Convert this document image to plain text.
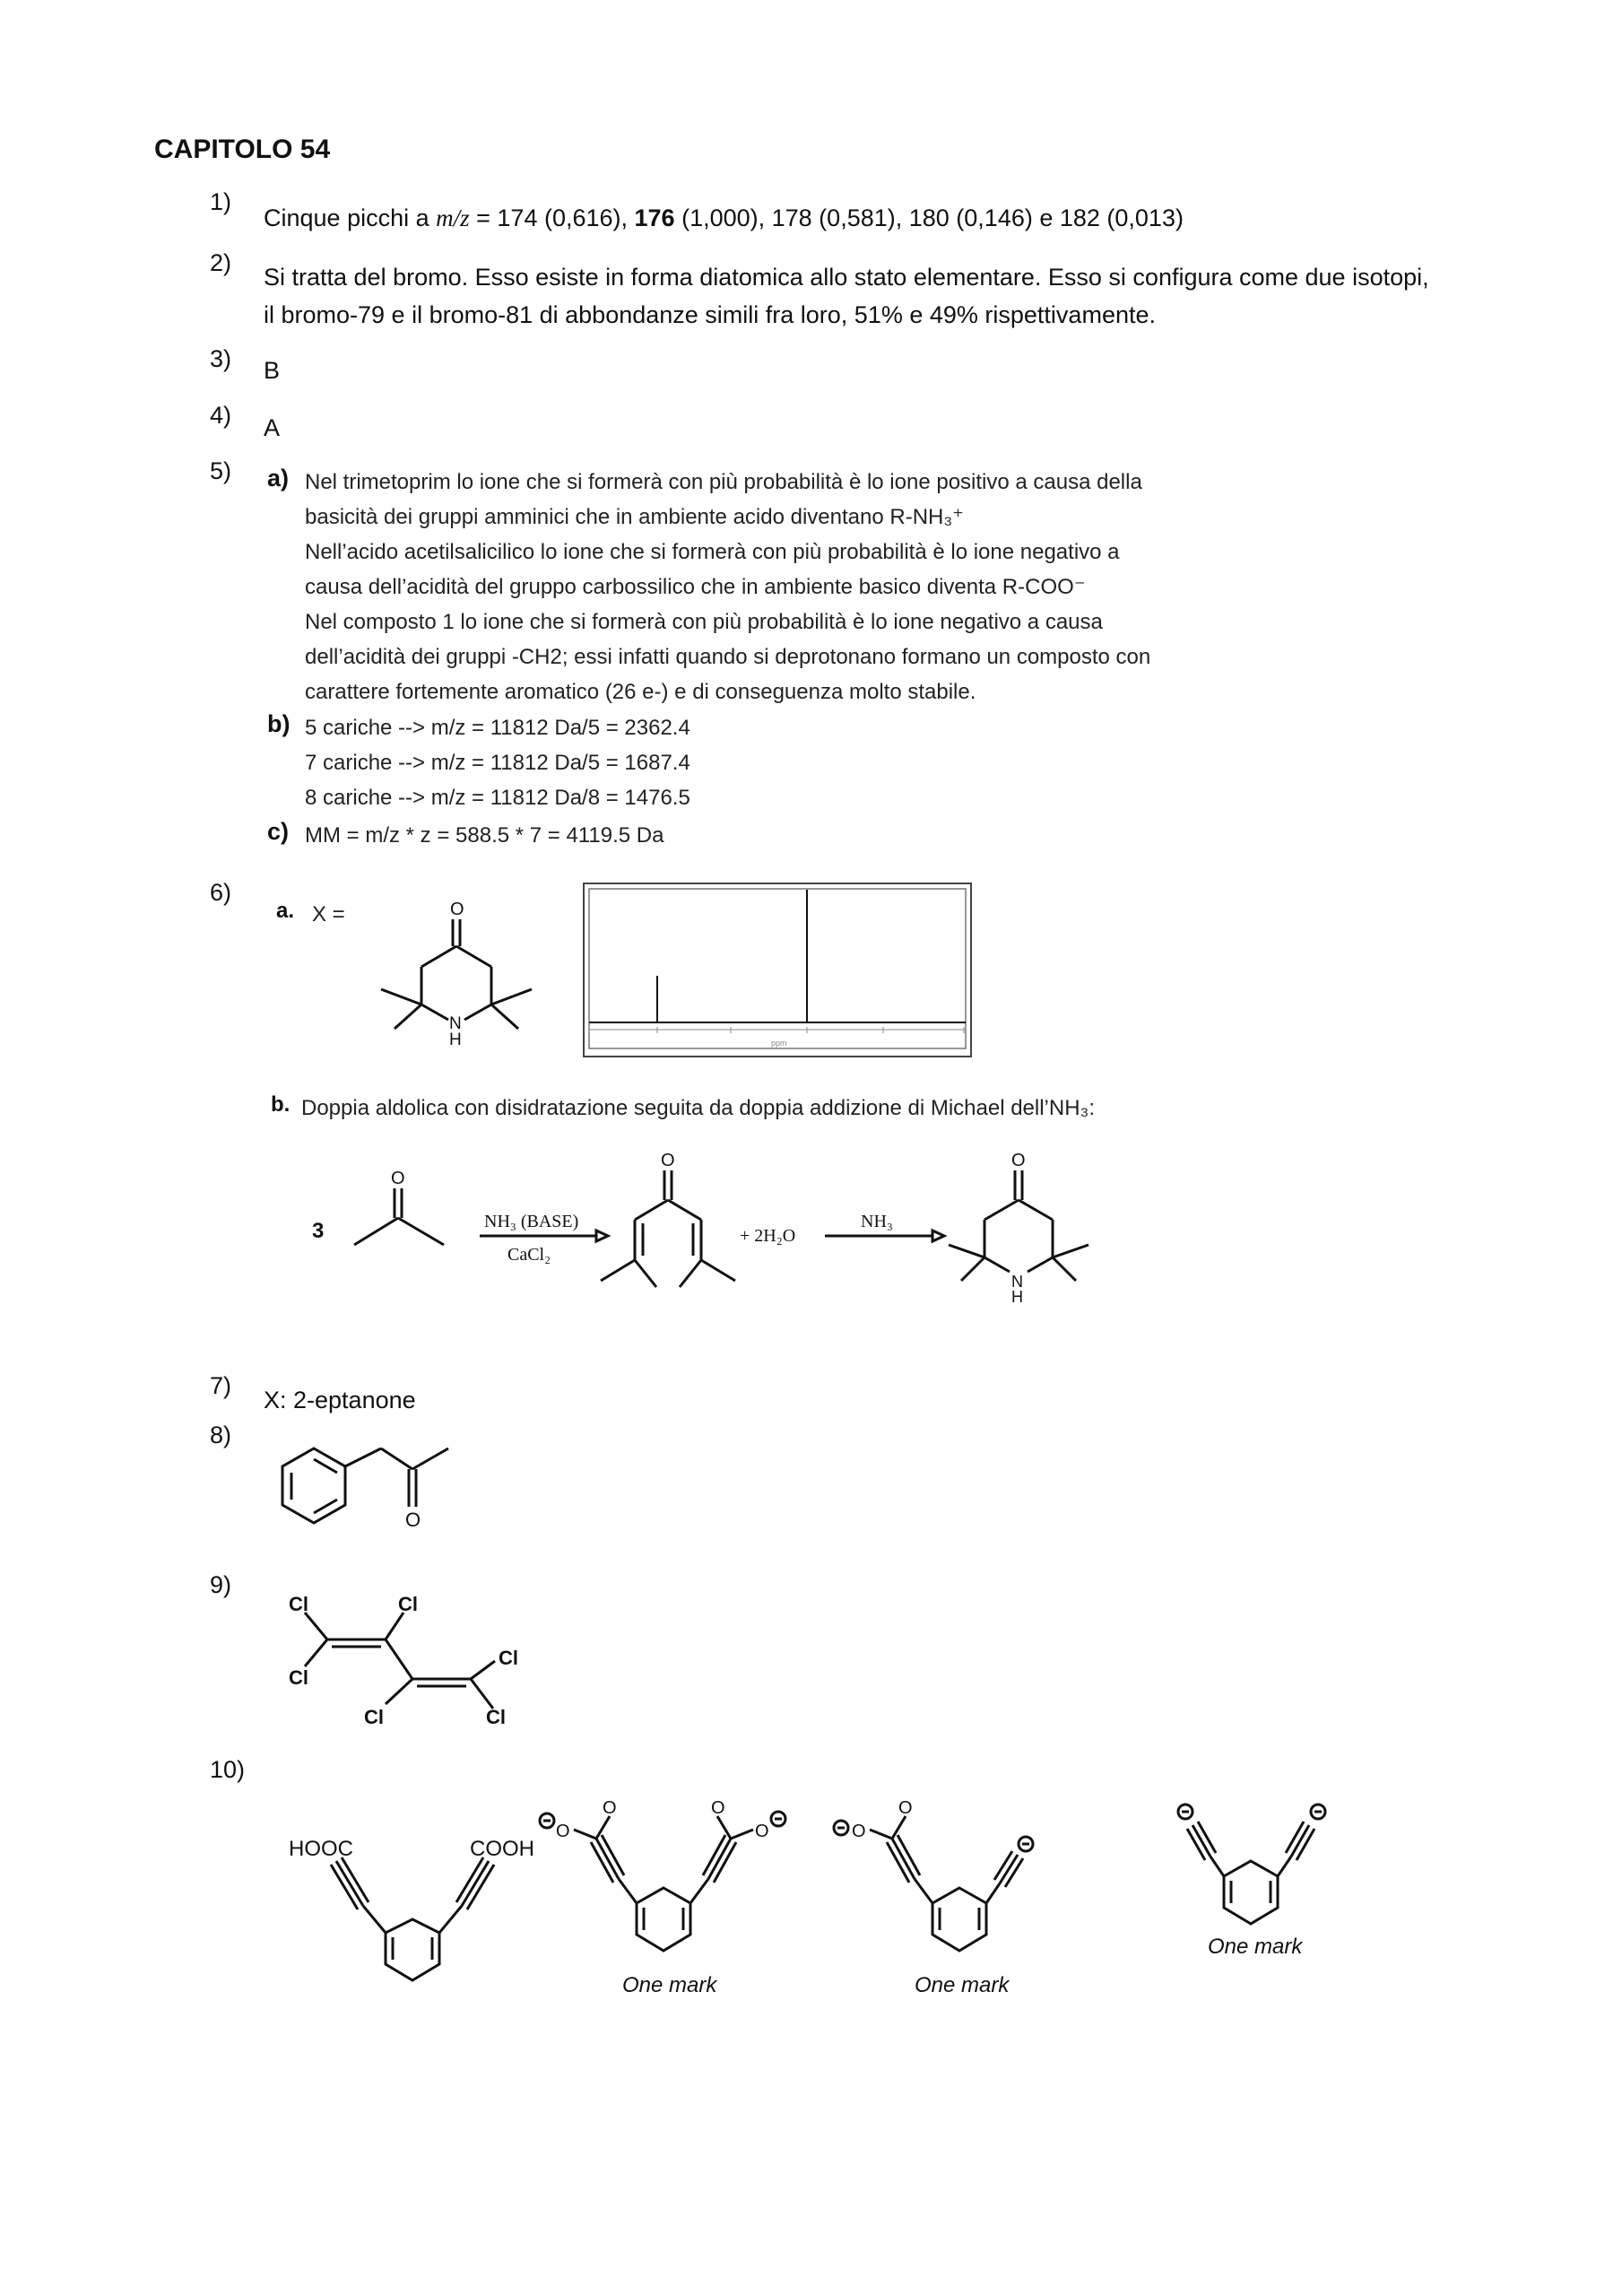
CAPITOLO 54
1)
Cinque picchi a m/z = 174 (0,616), 176 (1,000), 178 (0,581), 180 (0,146) e 182 (0,013)
2)
Si tratta del bromo. Esso esiste in forma diatomica allo stato elementare. Esso si configura come due isotopi,
il bromo-79 e il bromo-81 di abbondanze simili fra loro, 51% e 49% rispettivamente.
3) B
4) A
5) a) Nel trimetoprim lo ione che si formerà con più probabilità è lo ione positivo a causa della
basicità dei gruppi amminici che in ambiente acido diventano R-NH₃⁺
Nell’acido acetilsalicilico lo ione che si formerà con più probabilità è lo ione negativo a
causa dell’acidità del gruppo carbossilico che in ambiente basico diventa R-COO⁻
Nel composto 1 lo ione che si formerà con più probabilità è lo ione negativo a causa
dell’acidità dei gruppi -CH2; essi infatti quando si deprotonano formano un composto con
carattere fortemente aromatico (26 e-) e di conseguenza molto stabile.
b) 5 cariche --> m/z = 11812 Da/5 = 2362.4
7 cariche --> m/z = 11812 Da/5 = 1687.4
8 cariche --> m/z = 11812 Da/8 = 1476.5
c) MM = m/z * z = 588.5 * 7 = 4119.5 Da
6)
a. X =	O
N
H	ppm
b. Doppia aldolica con disidratazione seguita da doppia addizione di Michael dell’NH₃:
3
O
NH₃ (BASE)
CaCl₂
O
+ 2H₂O
NH₃
O
N
H
7)
X: 2-eptanone
8)
O
9)
Cl	Cl
Cl
Cl
Cl	Cl
10)
HOOC	COOH
O	O
O	O
One mark
O
O
One mark
One mark
